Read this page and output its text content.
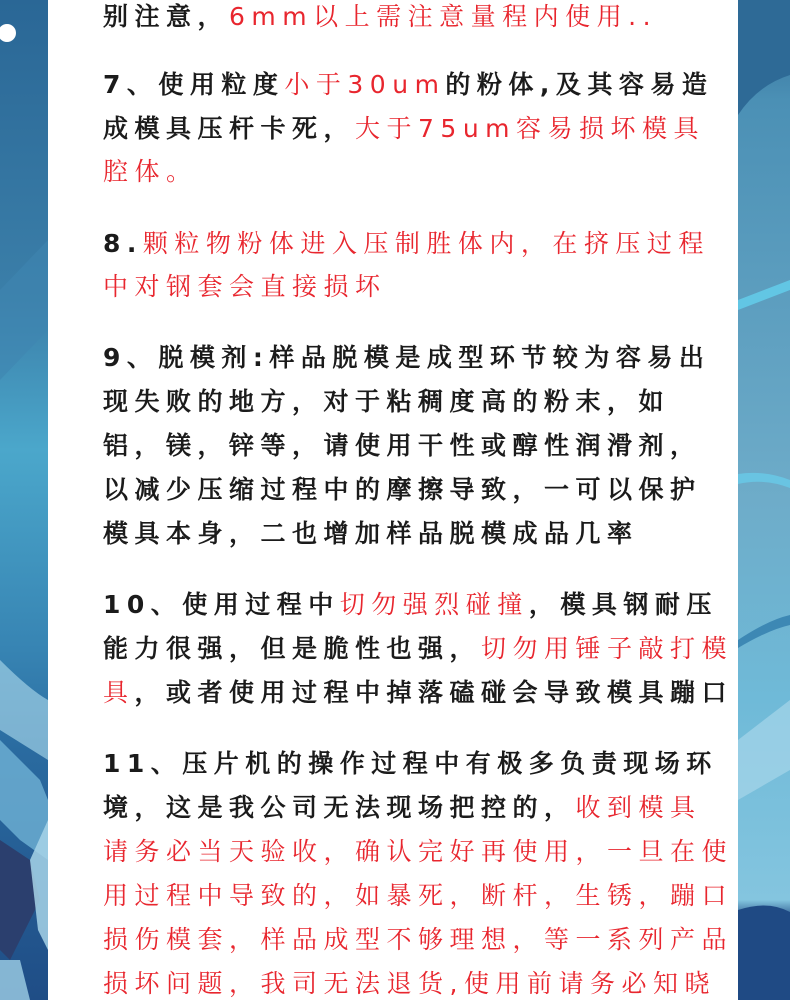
别注意，6mm以上需注意量程内使用..
7、使用粒度小于30um的粉体,及其容易造
成模具压杆卡死，大于75um容易损坏模具
腔体。
8.颗粒物粉体进入压制胜体内，在挤压过程
中对钢套会直接损坏
9、脱模剂:样品脱模是成型环节较为容易出
现失败的地方，对于粘稠度高的粉末，如
铝，镁，锌等，请使用干性或醇性润滑剂，
以减少压缩过程中的摩擦导致，一可以保护
模具本身，二也增加样品脱模成品几率
10、使用过程中切勿强烈碰撞，模具钢耐压
能力很强，但是脆性也强，切勿用锤子敲打模
具，或者使用过程中掉落磕碰会导致模具蹦口
11、压片机的操作过程中有极多负责现场环
境，这是我公司无法现场把控的，收到模具
请务必当天验收，确认完好再使用，一旦在使
用过程中导致的，如暴死，断杆，生锈，蹦口
损伤模套，样品成型不够理想，等一系列产品
损坏问题，我司无法退货,使用前请务必知晓
